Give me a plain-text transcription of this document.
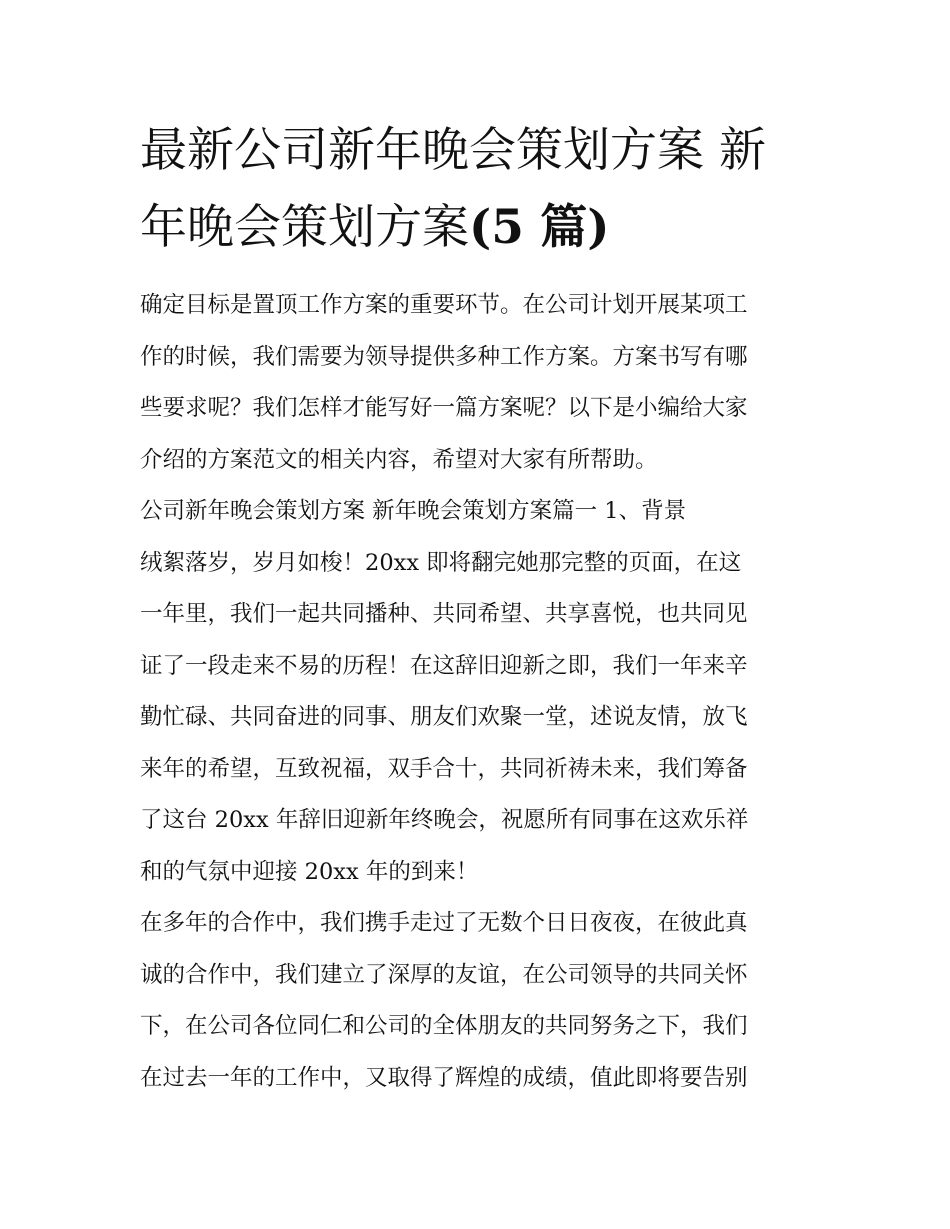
最新公司新年晚会策划方案 新
年晚会策划方案(5 篇)
确定目标是置顶工作方案的重要环节。在公司计划开展某项工
作的时候，我们需要为领导提供多种工作方案。方案书写有哪
些要求呢？我们怎样才能写好一篇方案呢？以下是小编给大家
介绍的方案范文的相关内容，希望对大家有所帮助。
公司新年晚会策划方案 新年晚会策划方案篇一 1、背景
绒絮落岁，岁月如梭！20xx 即将翻完她那完整的页面，在这
一年里，我们一起共同播种、共同希望、共享喜悦，也共同见
证了一段走来不易的历程！在这辞旧迎新之即，我们一年来辛
勤忙碌、共同奋进的同事、朋友们欢聚一堂，述说友情，放飞
来年的希望，互致祝福，双手合十，共同祈祷未来，我们筹备
了这台 20xx 年辞旧迎新年终晚会，祝愿所有同事在这欢乐祥
和的气氛中迎接 20xx 年的到来！
在多年的合作中，我们携手走过了无数个日日夜夜，在彼此真
诚的合作中，我们建立了深厚的友谊，在公司领导的共同关怀
下，在公司各位同仁和公司的全体朋友的共同努务之下，我们
在过去一年的工作中，又取得了辉煌的成绩，值此即将要告别
